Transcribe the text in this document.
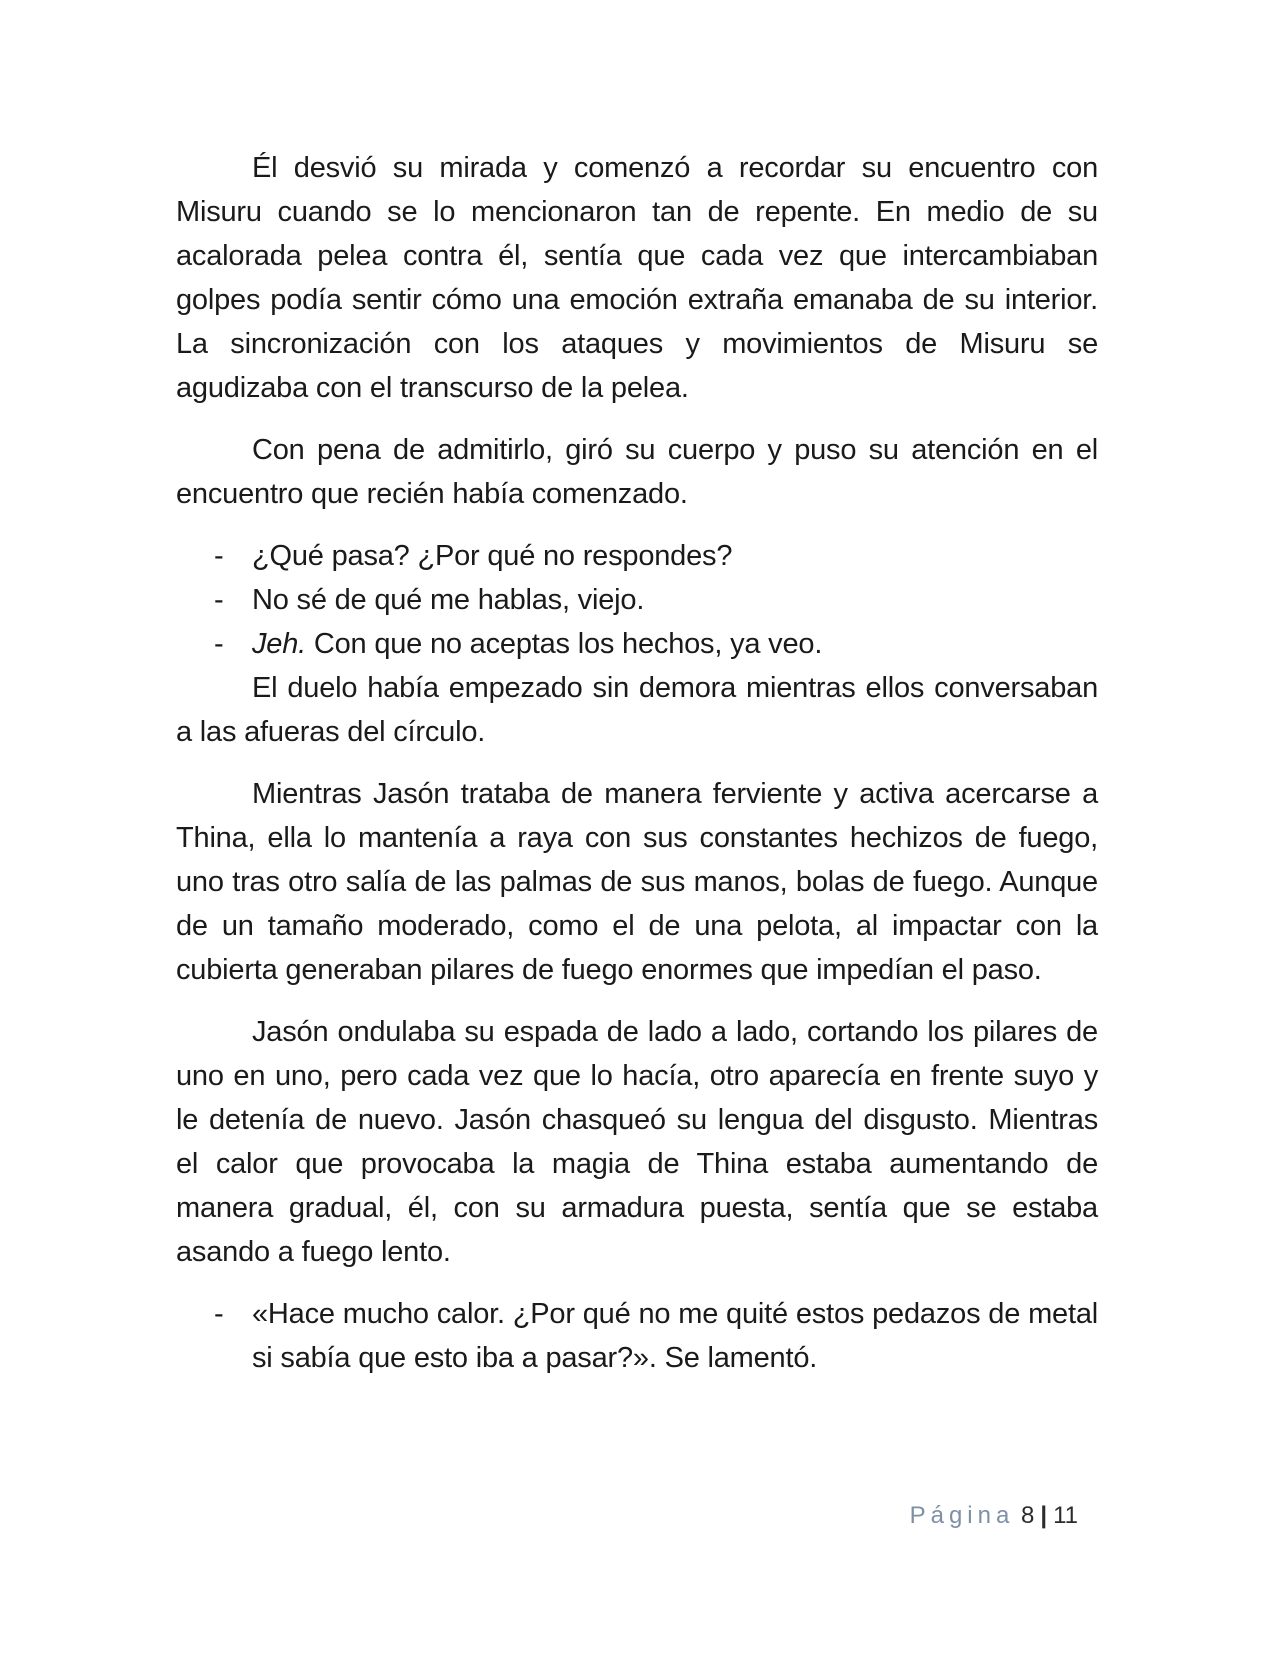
Él desvió su mirada y comenzó a recordar su encuentro con Misuru cuando se lo mencionaron tan de repente. En medio de su acalorada pelea contra él, sentía que cada vez que intercambiaban golpes podía sentir cómo una emoción extraña emanaba de su interior. La sincronización con los ataques y movimientos de Misuru se agudizaba con el transcurso de la pelea.

Con pena de admitirlo, giró su cuerpo y puso su atención en el encuentro que recién había comenzado.

- ¿Qué pasa? ¿Por qué no respondes?
- No sé de qué me hablas, viejo.
- Jeh. Con que no aceptas los hechos, ya veo.

El duelo había empezado sin demora mientras ellos conversaban a las afueras del círculo.

Mientras Jasón trataba de manera ferviente y activa acercarse a Thina, ella lo mantenía a raya con sus constantes hechizos de fuego, uno tras otro salía de las palmas de sus manos, bolas de fuego. Aunque de un tamaño moderado, como el de una pelota, al impactar con la cubierta generaban pilares de fuego enormes que impedían el paso.

Jasón ondulaba su espada de lado a lado, cortando los pilares de uno en uno, pero cada vez que lo hacía, otro aparecía en frente suyo y le detenía de nuevo. Jasón chasqueó su lengua del disgusto. Mientras el calor que provocaba la magia de Thina estaba aumentando de manera gradual, él, con su armadura puesta, sentía que se estaba asando a fuego lento.

- «Hace mucho calor. ¿Por qué no me quité estos pedazos de metal si sabía que esto iba a pasar?». Se lamentó.
Página 8 | 11
